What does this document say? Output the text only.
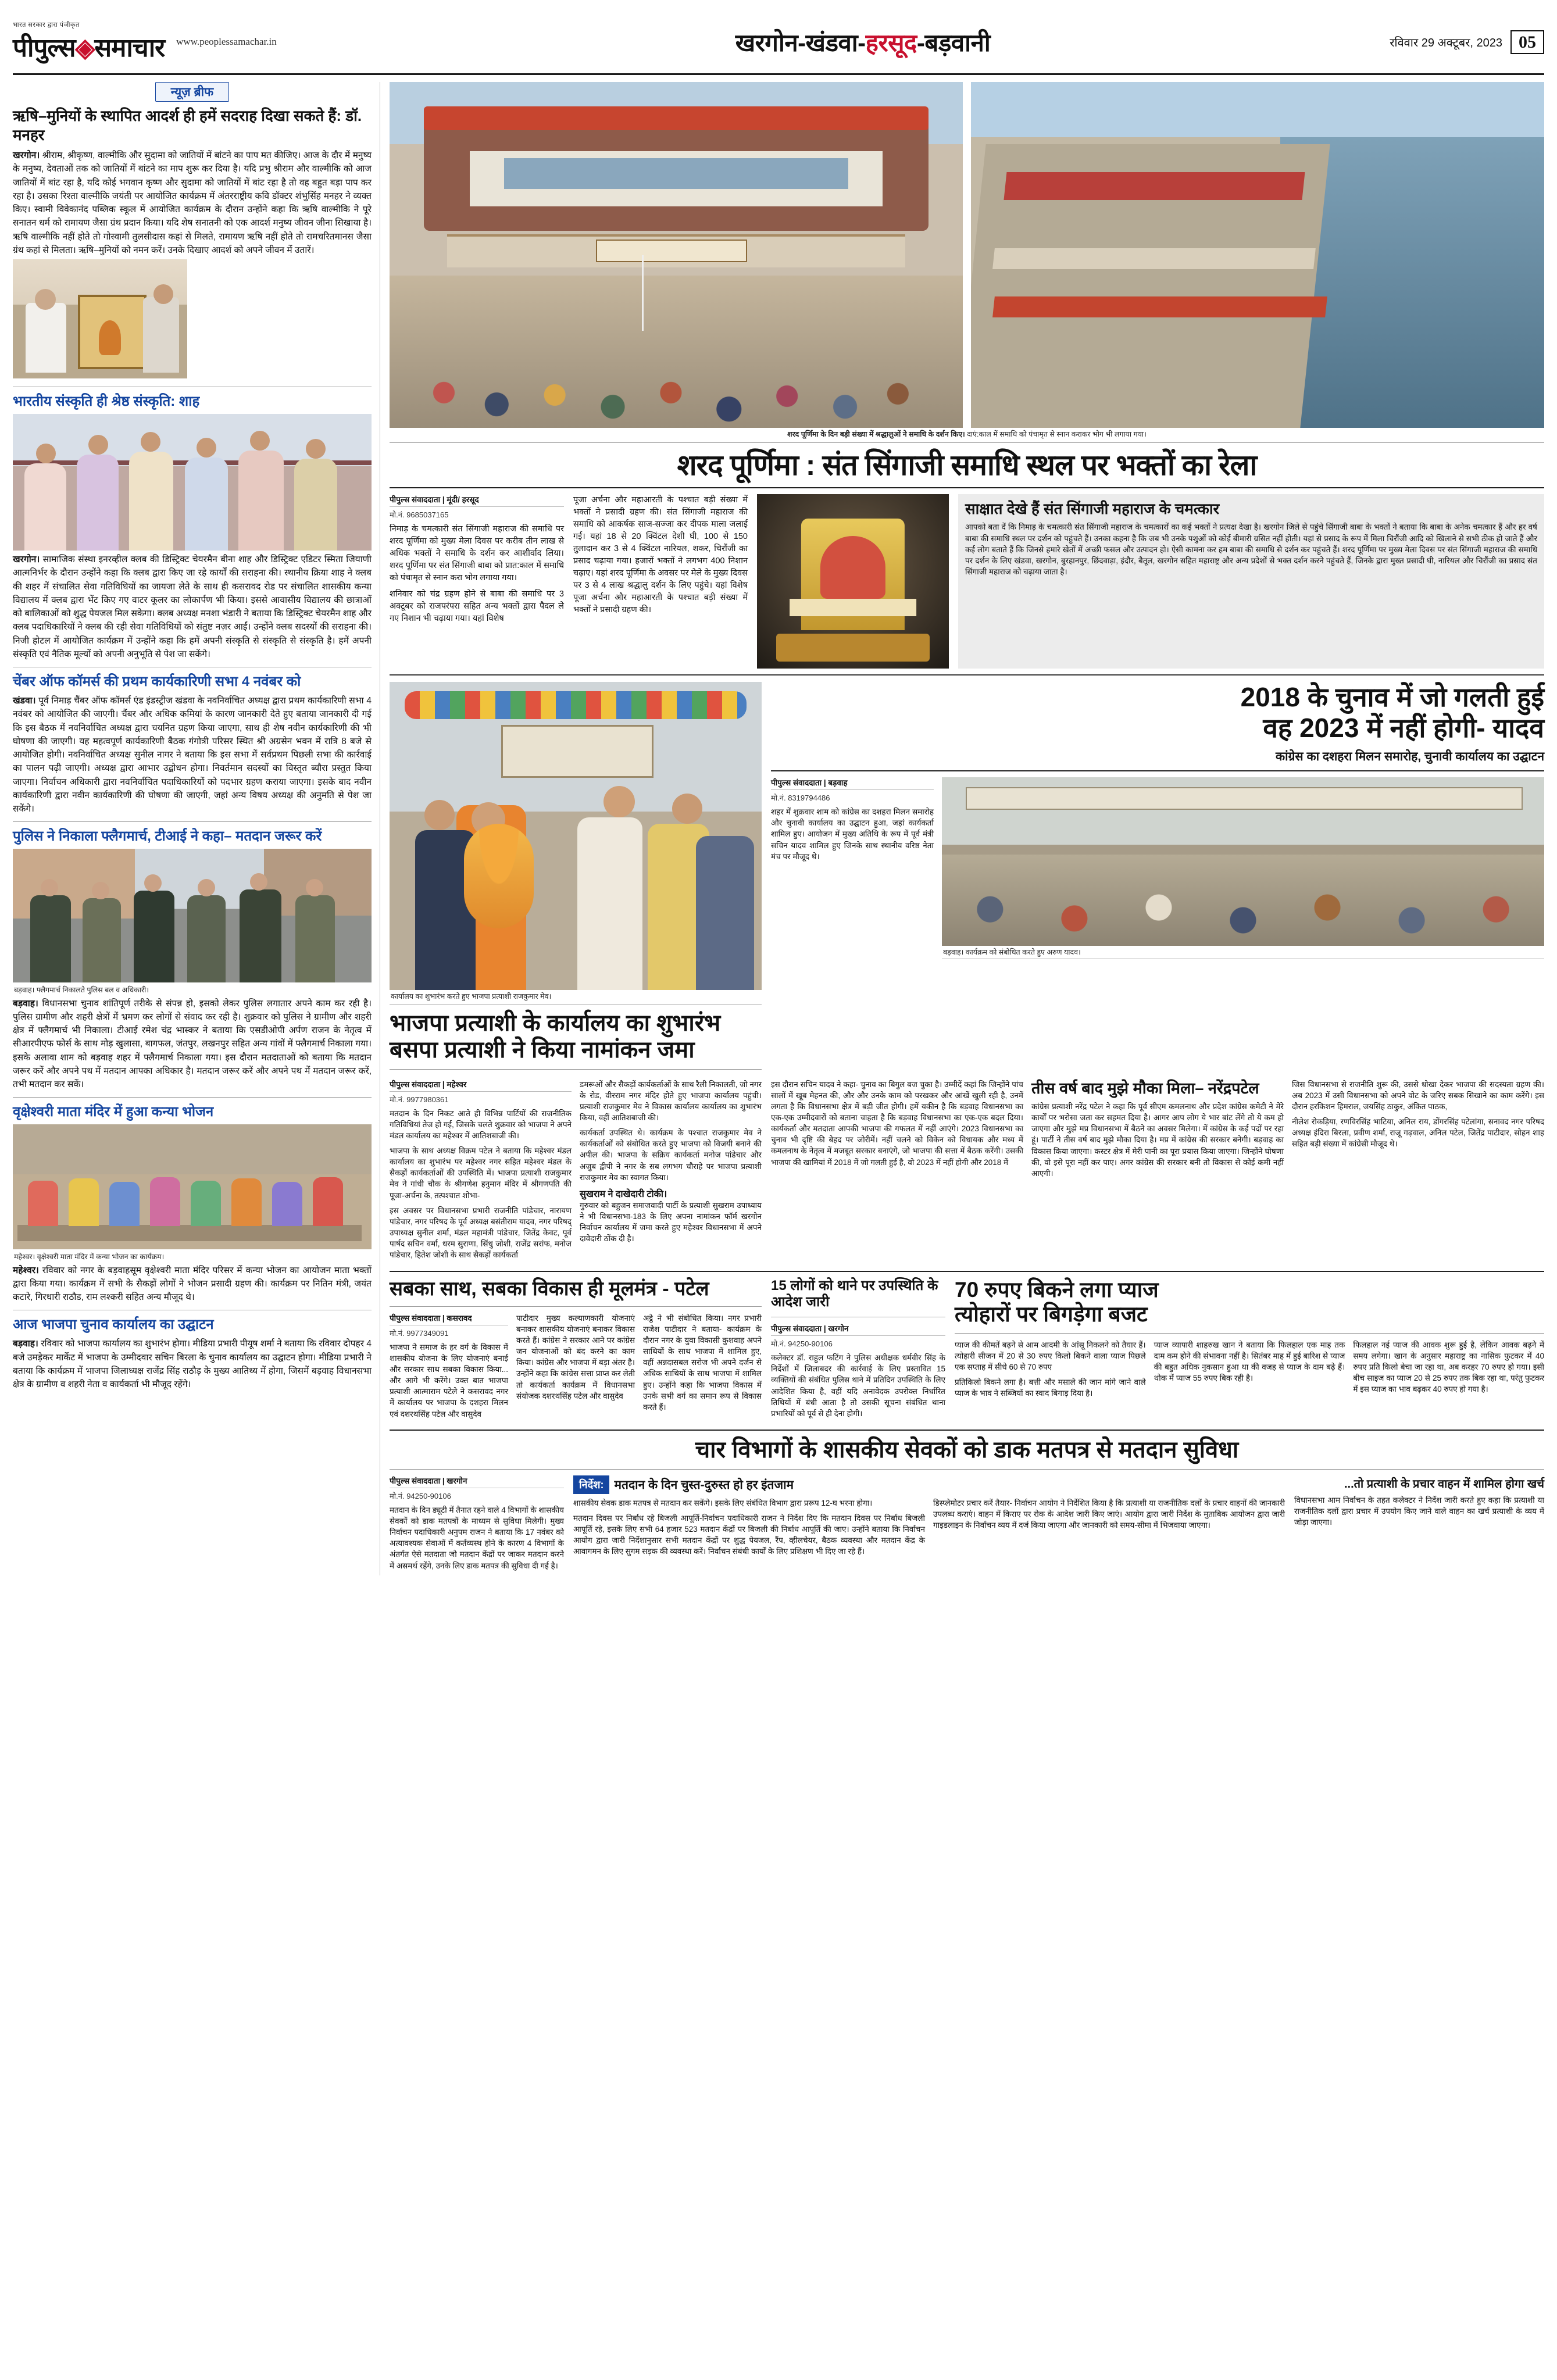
भारत सरकार द्वारा पंजीकृत
पीपुल्स◈समाचार www.peoplessamachar.in	खरगोन-खंडवा-हरसूद-बड़वानी	रविवार 29 अक्टूबर, 2023 05
न्यूज़ ब्रीफ
ऋषि–मुनियों के स्थापित आदर्श ही हमें सदराह दिखा सकते हैं: डॉ. मनहर
खरगोन। श्रीराम, श्रीकृष्ण, वाल्मीकि और सुदामा को जातियों में बांटने का पाप मत कीजिए। आज के दौर में मनुष्य के मनुष्य, देवताओं तक को जातियों में बांटने का माप शुरू कर दिया है। यदि प्रभु श्रीराम और वाल्मीकि को आज जातियों में बांट रहा है, यदि कोई भगवान कृष्ण और सुदामा को जातियों में बांट रहा है तो वह बहुत बड़ा पाप कर रहा है। उसका रिश्ता वाल्मीकि जयंती पर आयोजित कार्यक्रम में अंतरराष्ट्रीय कवि डॉक्टर शंभुसिंह मनहर ने व्यक्त किए। स्वामी विवेकानंद पब्लिक स्कूल में आयोजित कार्यक्रम के दौरान उन्होंने कहा कि ऋषि वाल्मीकि ने पूरे सनातन धर्म को रामायण जैसा ग्रंथ प्रदान किया। यदि शेष सनातनी को एक आदर्श मनुष्य जीवन जीना सिखाया है। ऋषि वाल्मीकि नहीं होते तो गोस्वामी तुलसीदास कहां से मिलते, रामायण ऋषि नहीं होते तो रामचरितमानस जैसा ग्रंथ कहां से मिलता। ऋषि–मुनियों को नमन करें। उनके दिखाए आदर्श को अपने जीवन में उतारें।
भारतीय संस्कृति ही श्रेष्ठ संस्कृति: शाह
खरगोन। सामाजिक संस्था इनरव्हील क्लब की डिस्ट्रिक्ट चेयरमैन बीना शाह और डिस्ट्रिक्ट एडिटर स्मिता जियाणी आत्मनिर्भर के दौरान उन्होंने कहा कि क्लब द्वारा किए जा रहे कार्यों की सराहना की। स्थानीय क्रिया शाह ने क्लब की शहर में संचालित सेवा गतिविधियों का जायजा लेते के साथ ही कसरावद रोड पर संचालित शासकीय कन्या विद्यालय में क्लब द्वारा भेंट किए गए वाटर कूलर का लोकार्पण भी किया। इससे आवासीय विद्यालय की छात्राओं को बालिकाओं को शुद्ध पेयजल मिल सकेगा। क्लब अध्यक्ष मनशा भंडारी ने बताया कि डिस्ट्रिक्ट चेयरमैन शाह और क्लब पदाधिकारियों ने क्लब की रही सेवा गतिविधियों को संतुष्ट नज़र आईं। उन्होंने क्लब सदस्यों की सराहना की। निजी होटल में आयोजित कार्यक्रम में उन्होंने कहा कि हमें अपनी संस्कृति से संस्कृति से संस्कृति है। हमें अपनी संस्कृति एवं नैतिक मूल्यों को अपनी अनुभूति से पेश जा सकेंगे।
चेंबर ऑफ कॉमर्स की प्रथम कार्यकारिणी सभा 4 नवंबर को
खंडवा। पूर्व निमाड़ चैंबर ऑफ कॉमर्स एंड इंडस्ट्रीज खंडवा के नवनिर्वाचित अध्यक्ष द्वारा प्रथम कार्यकारिणी सभा 4 नवंबर को आयोजित की जाएगी। चैंबर और अधिक कमियां के कारण जानकारी देते हुए बताया जानकारी दी गई कि इस बैठक में नवनिर्वाचित अध्यक्ष द्वारा चयनित ग्रहण किया जाएगा, साथ ही शेष नवीन कार्यकारिणी की भी घोषणा की जाएगी। यह महत्वपूर्ण कार्यकारिणी बैठक गंगोत्री परिसर स्थित श्री अग्रसेन भवन में रात्रि 8 बजे से आयोजित होगी। नवनिर्वाचित अध्यक्ष सुनील नागर ने बताया कि इस सभा में सर्वप्रथम पिछली सभा की कार्रवाई का पालन पढ़ी जाएगी। अध्यक्ष द्वारा आभार उद्बोधन होगा। निवर्तमान सदस्यों का विस्तृत ब्यौरा प्रस्तुत किया जाएगा। निर्वाचन अधिकारी द्वारा नवनिर्वाचित पदाधिकारियों को पदभार ग्रहण कराया जाएगा। इसके बाद नवीन कार्यकारिणी द्वारा नवीन कार्यकारिणी की घोषणा की जाएगी, जहां अन्य विषय अध्यक्ष की अनुमति से पेश जा सकेंगे।
पुलिस ने निकाला फ्लैगमार्च, टीआई ने कहा– मतदान जरूर करें
बड़वाह। फ्लैगमार्च निकालते पुलिस बल व अधिकारी।
बड़वाह। विधानसभा चुनाव शांतिपूर्ण तरीके से संपन्न हो, इसको लेकर पुलिस लगातार अपने काम कर रही है। पुलिस ग्रामीण और शहरी क्षेत्रों में भ्रमण कर लोगों से संवाद कर रही है। शुक्रवार को पुलिस ने ग्रामीण और शहरी क्षेत्र में फ्लैगमार्च भी निकाला। टीआई रमेश चंद्र भास्कर ने बताया कि एसडीओपी अर्पण राजन के नेतृत्व में सीआरपीएफ फोर्स के साथ मोड़ खुलासा, बागफल, जंतपुर, लखनपुर सहित अन्य गांवों में फ्लैगमार्च निकाला गया। इसके अलावा शाम को बड़वाह शहर में फ्लैगमार्च निकाला गया। इस दौरान मतदाताओं को बताया कि मतदान जरूर करें और अपने पथ में मतदान आपका अधिकार है। मतदान जरूर करें और अपने पथ में मतदान जरूर करें, तभी मतदान कर सकें।
वृक्षेश्वरी माता मंदिर में हुआ कन्या भोजन
महेश्वर। वृक्षेश्वरी माता मंदिर में कन्या भोजन का कार्यक्रम।
महेश्वर। रविवार को नगर के बड़वाहसूम वृक्षेश्वरी माता मंदिर परिसर में कन्या भोजन का आयोजन माता भक्तों द्वारा किया गया। कार्यक्रम में सभी के सैकड़ों लोगों ने भोजन प्रसादी ग्रहण की। कार्यक्रम पर नितिन मंत्री, जयंत कटारे, गिरधारी राठौड, राम लश्करी सहित अन्य मौजूद थे।
आज भाजपा चुनाव कार्यालय का उद्घाटन
बड़वाह। रविवार को भाजपा कार्यालय का शुभारंभ होगा। मीडिया प्रभारी पीयूष शर्मा ने बताया कि रविवार दोपहर 4 बजे उमड़ेकर मार्केट में भाजपा के उम्मीदवार सचिन बिरला के चुनाव कार्यालय का उद्घाटन होगा। मीडिया प्रभारी ने बताया कि कार्यक्रम में भाजपा जिलाध्यक्ष राजेंद्र सिंह राठौड़ के मुख्य आतिथ्य में होगा, जिसमें बड़वाह विधानसभा क्षेत्र के ग्रामीण व शहरी नेता व कार्यकर्ता भी मौजूद रहेंगे।
शरद पूर्णिमा के दिन बड़ी संख्या में श्रद्धालुओं ने समाधि के दर्शन किए। दाएं:काल में समाधि को पंचामृत से स्नान कराकर भोग भी लगाया गया।
शरद पूर्णिमा : संत सिंगाजी समाधि स्थल पर भक्तों का रेला
पीपुल्स संवाददाता | मूंदी/ हरसूद
मो.नं. 9685037165

निमाड़ के चमत्कारी संत सिंगाजी महाराज की समाधि पर शरद पूर्णिमा को मुख्य मेला दिवस पर करीब तीन लाख से अधिक भक्तों ने समाधि के दर्शन कर आशीर्वाद लिया। शरद पूर्णिमा पर संत सिंगाजी बाबा को प्रात:काल में समाधि को पंचामृत से स्नान करा भोग लगाया गया।

शनिवार को चंद्र ग्रहण होने से बाबा की समाधि पर 3 अक्टूबर को राजपरंपरा सहित अन्य भक्तों द्वारा पैदल ले गए निशान भी चढ़ाया गया। यहां विशेष

पूजा अर्चना और महाआरती के पश्चात बड़ी संख्या में भक्तों ने प्रसादी ग्रहण की। संत सिंगाजी महाराज की समाधि को आकर्षक साज-सज्जा कर दीपक माला जलाई गई। यहां 18 से 20 क्विंटल देशी घी, 100 से 150 तुलादान कर 3 से 4 क्विंटल नारियल, शकर, चिरौंजी का प्रसाद चढ़ाया गया। हजारों भक्तों ने लगभग 400 निशान चढ़ाए। यहां शरद पूर्णिमा के अवसर पर मेले के मुख्य दिवस पर 3 से 4 लाख श्रद्धालु दर्शन के लिए पहुंचे। यहां विशेष पूजा अर्चना और महाआरती के पश्चात बड़ी संख्या में भक्तों ने प्रसादी ग्रहण की।

साक्षात देखे हैं संत सिंगाजी महाराज के चमत्कार
आपको बता दें कि निमाड़ के चमत्कारी संत सिंगाजी महाराज के चमत्कारों का कई भक्तों ने प्रत्यक्ष देखा है। खरगोन जिले से पहुंचे सिंगाजी बाबा के भक्तों ने बताया कि बाबा के अनेक चमत्कार हैं और हर वर्ष बाबा की समाधि स्थल पर दर्शन को पहुंचते हैं। उनका कहना है कि जब भी उनके पशुओं को कोई बीमारी ग्रसित नहीं होती। यहां से प्रसाद के रूप में मिला चिरौंजी आदि को खिलाने से सभी ठीक हो जाते हैं और कई लोग बताते हैं कि जिनसे हमारे खेतों में अच्छी फसल और उत्पादन हो। ऐसी कामना कर हम बाबा की समाधि से दर्शन कर पहुंचते हैं। शरद पूर्णिमा पर मुख्य मेला दिवस पर संत सिंगाजी महाराज की समाधि पर दर्शन के लिए खंडवा, खरगोन, बुरहानपुर, छिंदवाड़ा, इंदौर, बैतूल, खरगोन सहित महाराष्ट्र और अन्य प्रदेशों से भक्त दर्शन करने पहुंचते हैं, जिनके द्वारा मुख्त प्रसादी घी, नारियल और चिरौंजी का प्रसाद संत सिंगाजी महाराज को चढ़ाया जाता है।
कार्यालय का शुभारंभ करते हुए भाजपा प्रत्याशी राजकुमार मेव।
भाजपा प्रत्याशी के कार्यालय का शुभारंभ
बसपा प्रत्याशी ने किया नामांकन जमा
2018 के चुनाव में जो गलती हुई
वह 2023 में नहीं होगी- यादव
कांग्रेस का दशहरा मिलन समारोह, चुनावी कार्यालय का उद्घाटन
पीपुल्स संवाददाता | बड़वाह
मो.नं. 8319794486

शहर में शुक्रवार शाम को कांग्रेस का दशहरा मिलन समारोह और चुनावी कार्यालय का उद्घाटन हुआ, जहां कार्यकर्ता शामिल हुए। आयोजन में मुख्य अतिथि के रूप में पूर्व मंत्री सचिन यादव शामिल हुए जिनके साथ स्थानीय वरिष्ठ नेता मंच पर मौजूद थे।

बड़वाह। कार्यक्रम को संबोधित करते हुए अरुण यादव।
पीपुल्स संवाददाता | महेश्वर
मो.नं. 9977980361

मतदान के दिन निकट आते ही विभिन्न पार्टियों की राजनीतिक गतिविधियां तेज हो गई, जिसके चलते शुक्रवार को भाजपा ने अपने मंडल कार्यालय का महेश्वर में आतिशबाजी की।

भाजपा के साथ अध्यक्ष विक्रम पटेल ने बताया कि महेश्वर मंडल कार्यालय का शुभारंभ पर महेश्वर नगर सहित महेश्वर मंडल के सैकड़ों कार्यकर्ताओं की उपस्थिति में। भाजपा प्रत्याशी राजकुमार मेव ने गांधी चौक के श्रीगणेश हनुमान मंदिर में श्रीगणपति की पूजा-अर्चना के, तत्पश्चात शोभा-

इस अवसर पर विधानसभा प्रभारी राजनीति पांडेचार, नारायण पांडेचार, नगर परिषद के पूर्व अध्यक्ष बसंतीराम यादव, नगर परिषद् उपाध्यक्ष सुनील शर्मा, मंडल महामंत्री पांडेचार, जितेंद्र केवट, पूर्व पार्षद सचिन वर्मा, धरम सुराणा, सिंधु जोशी, राजेंद्र सरांफ, मनोज पांडेचार, हितेश जोशी के साथ सैकड़ों कार्यकर्ता

डमरूओं और सैकड़ों कार्यकर्ताओं के साथ रैली निकालती, जो नगर के रोड, वीरराम नगर मंदिर होते हुए भाजपा कार्यालय पहुंची। प्रत्याशी राजकुमार मेव ने विकास कार्यालय कार्यालय का शुभारंभ किया, वहीं आतिशबाजी की।

कार्यकर्ता उपस्थित थे। कार्यक्रम के पश्चात राजकुमार मेव ने कार्यकर्ताओं को संबोधित करते हुए भाजपा को विजयी बनाने की अपील की। भाजपा के सक्रिय कार्यकर्ता मनोज पांडेचार और अजुब द्वीपी ने नगर के सब लगभग चौराहे पर भाजपा प्रत्याशी राजकुमार मेव का स्वागत किया।

सुखराम ने दाखेदारी टोकी।

गुरुवार को बहुजन समाजवादी पार्टी के प्रत्याशी सुखराम उपाध्याय ने भी विधानसभा-183 के लिए अपना नामांकन फॉर्म खरगोन निर्वाचन कार्यालय में जमा करते हुए महेश्वर विधानसभा में अपने दावेदारी ठोंक दी है।

इस दौरान सचिन यादव ने कहा- चुनाव का बिगुल बज चुका है। उम्मीदें कहां कि जिन्होंने पांच सालों में खूब मेहनत की, और और उनके काम को परखकर और आंखें खुली रही है, उनमें लगता है कि विधानसभा क्षेत्र में बड़ी जीत होगी। हमें यकीन है कि बड़वाह विधानसभा का एक-एक उम्मीदवारों को बताना चाहता है कि बड़वाह विधानसभा का एक-एक बदल दिया। कार्यकर्ता और मतदाता आपकी भाजपा की गफलत में नहीं आएंगे। 2023 विधानसभा का चुनाव भी दृष्टि की बेहद पर जोरीमें। नहीं चलने को विकेन को विधायक और मध्य में कमलनाथ के नेतृत्व में मजबूत सरकार बनाएंगे, जो भाजपा की सत्ता में बैठक करेंगी। उसकी भाजपा की खामियां में 2018 में जो गलती हुई है, वो 2023 में नहीं होगी और 2018 में

तीस वर्ष बाद मुझे मौका मिला– नरेंद्रपटेल

कांग्रेस प्रत्याशी नरेंद्र पटेल ने कहा कि पूर्व सीएम कमलनाथ और प्रदेश कांग्रेस कमेटी ने मेरे कार्यों पर भरोसा जता कर सहमत दिया है। आगर आप लोग ये भार बांट लेंगे तो ये कम हो जाएगा और मुझे मप्र विधानसभा में बैठने का अवसर मिलेगा। में कांग्रेस के कई पदों पर रहा हूं। पार्टी ने तीस वर्ष बाद मुझे मौका दिया है। मप्र में कांग्रेस की सरकार बनेगी। बड़वाह का विकास किया जाएगा। कस्टर क्षेत्र में मेरी पानी का पूरा प्रयास किया जाएगा। जिन्होंने घोषणा की, वो इसे पूरा नहीं कर पाए। अगर कांग्रेस की सरकार बनी तो विकास से कोई कमी नहीं आएगी।

जिस विधानसभा से राजनीति शुरू की, उससे धोखा देकर भाजपा की सदस्यता ग्रहण की। अब 2023 में उसी विधानसभा को अपने वोट के जरिए सबक सिखाने का काम करेंगे। इस दौरान हरकिशन हिमराल, जयसिंह ठाकुर, अंकित पाठक,

नीलेश रोकड़िया, रणविरसिंह भाटिया, अनिल राय, डोंगरसिंह पटेलांगा, सनावद नगर परिषद अध्यक्ष इंदिरा बिरला, प्रवीण शर्मा, राजू गढ़वाल, अनिल पटेल, जितेंद्र पाटीदार, सोहन शाह सहित बड़ी संख्या में कांग्रेसी मौजूद थे।

सबका साथ, सबका विकास ही मूलमंत्र - पटेल
पीपुल्स संवाददाता | कसरावद
मो.नं. 9977349091

भाजपा ने समाज के हर वर्ग के विकास में शासकीय योजना के लिए योजनाएं बनाई और सरकार साथ सबका विकास किया... और आगे भी करेंगे। उक्त बात भाजपा प्रत्याशी आत्माराम पटेले ने कसरावद नगर में कार्यालय पर भाजपा के दशहरा मिलन एवं दशरथसिंह पटेल और वासुदेव

पाटीदार मुख्य कल्याणकारी योजनाएं बनाकर शासकीय योजनाएं बनाकर विकास करते हैं। कांग्रेस ने सरकार आने पर कांग्रेस जन योजनाओं को बंद करने का काम किया। कांग्रेस और भाजपा में बड़ा अंतर है। उन्होंने कहा कि कांग्रेस सत्ता प्राप्त कर लेती तो कार्यकर्ता कार्यक्रम में विधानसभा संयोजक दशरथसिंह पटेल और वासुदेव

अट्ठे ने भी संबोधित किया। नगर प्रभारी राजेश पाटीदार ने बताया- कार्यक्रम के दौरान नगर के युवा विकासी कुशवाह अपने साथियों के साथ भाजपा में शामिल हुए, वहीं अन्नदासबल सरोज भी अपने दर्जन से अधिक साथियों के साथ भाजपा में शामिल हुए। उन्होंने कहा कि भाजपा विकास में उनके सभी वर्ग का समान रूप से विकास करते हैं।

15 लोगों को थाने पर उपस्थिति के आदेश जारी
पीपुल्स संवाददाता | खरगोन
मो.नं. 94250-90106

कलेक्टर डॉ. राहुल फटिंग ने पुलिस अधीक्षक धर्मवीर सिंह के निर्देशों में जिलाबदर की कार्रवाई के लिए प्रस्तावित 15 व्यक्तियों की संबंधित पुलिस थाने में प्रतिदिन उपस्थिति के लिए आदेशित किया है, वहीं यदि अनावेदक उपरोक्त निर्धारित तिथियों में बंधी आता है तो उसकी सूचना संबंधित थाना प्रभारियों को पूर्व से ही देना होगी।

70 रुपए बिकने लगा प्याज
त्योहारों पर बिगड़ेगा बजट

प्याज की कीमतें बढ़ने से आम आदमी के आंसू निकलने को तैयार हैं। त्योहारी सीजन में 20 से 30 रुपए किलो बिकने वाला प्याज पिछले एक सप्ताह में सीधे 60 से 70 रुपए

प्रतिकिलो बिकने लगा है। बत्ती और मसाले की जान मांगे जाने वाले प्याज के भाव ने सब्जियों का स्वाद बिगाड़ दिया है।

प्याज व्यापारी शाहरुख खान ने बताया कि फिलहाल एक माह तक दाम कम होने की संभावना नहीं है। सितंबर माह में हुई बारिश से प्याज की बहुत अधिक नुकसान हुआ था की वजह से प्याज के दाम बढ़े हैं। थोक में प्याज 55 रुपए बिक रही है।

फिलहाल नई प्याज की आवक शुरू हुई है, लेकिन आवक बढ़ने में समय लगेगा। खान के अनुसार महाराष्ट्र का नासिक फुटकर में 40 रुपए प्रति किलो बेचा जा रहा था, अब करहर 70 रुपए हो गया। इसी बीच साइज का प्याज 20 से 25 रुपए तक बिक रहा था, परंतु फुटकर में इस प्याज का भाव बढ़कर 40 रुपए हो गया है।

चार विभागों के शासकीय सेवकों को डाक मतपत्र से मतदान सुविधा
पीपुल्स संवाददाता | खरगोन
मो.नं. 94250-90106

मतदान के दिन ड्यूटी में तैनात रहने वाले 4 विभागों के शासकीय सेवकों को डाक मतपत्रों के माध्यम से सुविधा मिलेगी। मुख्य निर्वाचन पदाधिकारी अनुपम राजन ने बताया कि 17 नवंबर को अत्यावश्यक सेवाओं में कर्तव्यस्थ होने के कारण 4 विभागों के अंतर्गत ऐसे मतदाता जो मतदान केंद्रों पर जाकर मतदान करने में असमर्थ रहेंगे, उनके लिए डाक मतपत्र की सुविधा दी गई है।

निर्देश: मतदान के दिन चुस्त-दुरुस्त हो हर इंतजाम

शासकीय सेवक डाक मतपत्र से मतदान कर सकेंगे। इसके लिए संबंधित विभाग द्वारा प्ररूप 12-घ भरना होगा।

मतदान दिवस पर निर्बाध रहे बिजली आपूर्ति-निर्वाचन पदाधिकारी राजन ने निर्देश दिए कि मतदान दिवस पर निर्बाध बिजली आपूर्ति रहे, इसके लिए सभी 64 हजार 523 मतदान केंद्रों पर बिजली की निर्बाध आपूर्ति की जाए। उन्होंने बताया कि निर्वाचन आयोग द्वारा जारी निर्देशानुसार सभी मतदान केंद्रों पर शुद्ध पेयजल, रैंप, व्हीलचेयर, बैठक व्यवस्था और मतदान केंद्र के आवागमन के लिए सुगम सड़क की व्यवस्था करें। निर्वाचन संबंधी कार्यों के लिए प्रशिक्षण भी दिए जा रहे हैं।

डिस्प्लेमोटर प्रचार करें तैयार- निर्वाचन आयोग ने निर्देशित किया है कि प्रत्याशी या राजनीतिक दलों के प्रचार वाहनों की जानकारी उपलब्ध कराएं। वाहन में किराए पर रोक के आदेश जारी किए जाएं। आयोग द्वारा जारी निर्देश के मुताबिक आयोजन द्वारा जारी गाइडलाइन के निर्वाचन व्यय में दर्ज किया जाएगा और जानकारी को समय-सीमा में भिजवाया जाएगा।

...तो प्रत्याशी के प्रचार वाहन में शामिल होगा खर्च

विधानसभा आम निर्वाचन के तहत कलेक्टर ने निर्देश जारी करते हुए कहा कि प्रत्याशी या राजनीतिक दलों द्वारा प्रचार में उपयोग किए जाने वाले वाहन का खर्च प्रत्याशी के व्यय में जोड़ा जाएगा।
